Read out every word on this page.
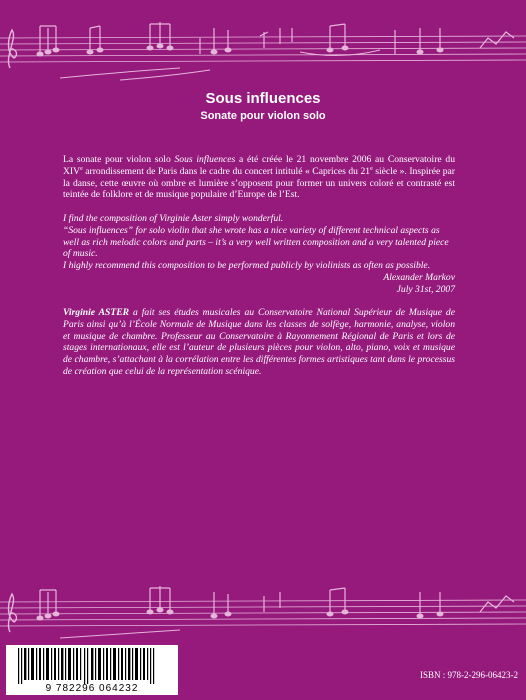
Sous influences
Sonate pour violon solo
La sonate pour violon solo Sous influences a été créée le 21 novembre 2006 au Conservatoire du XIVe arrondissement de Paris dans le cadre du concert intitulé « Caprices du 21e siècle ». Inspirée par la danse, cette œuvre où ombre et lumière s’opposent pour former un univers coloré et contrasté est teintée de folklore et de musique populaire d’Europe de l’Est.
I find the composition of Virginie Aster simply wonderful.
“Sous influences” for solo violin that she wrote has a nice variety of different technical aspects as well as rich melodic colors and parts – it’s a very well written composition and a very talented piece of music.
I highly recommend this composition to be performed publicly by violinists as often as possible.
Alexander Markov
July 31st, 2007
Virginie ASTER a fait ses études musicales au Conservatoire National Supérieur de Musique de Paris ainsi qu’à l’École Normale de Musique dans les classes de solfège, harmonie, analyse, violon et musique de chambre. Professeur au Conservatoire à Rayonnement Régional de Paris et lors de stages internationaux, elle est l’auteur de plusieurs pièces pour violon, alto, piano, voix et musique de chambre, s’attachant à la corrélation entre les différentes formes artistiques tant dans le processus de création que celui de la représentation scénique.
9 782296 064232
ISBN : 978-2-296-06423-2
